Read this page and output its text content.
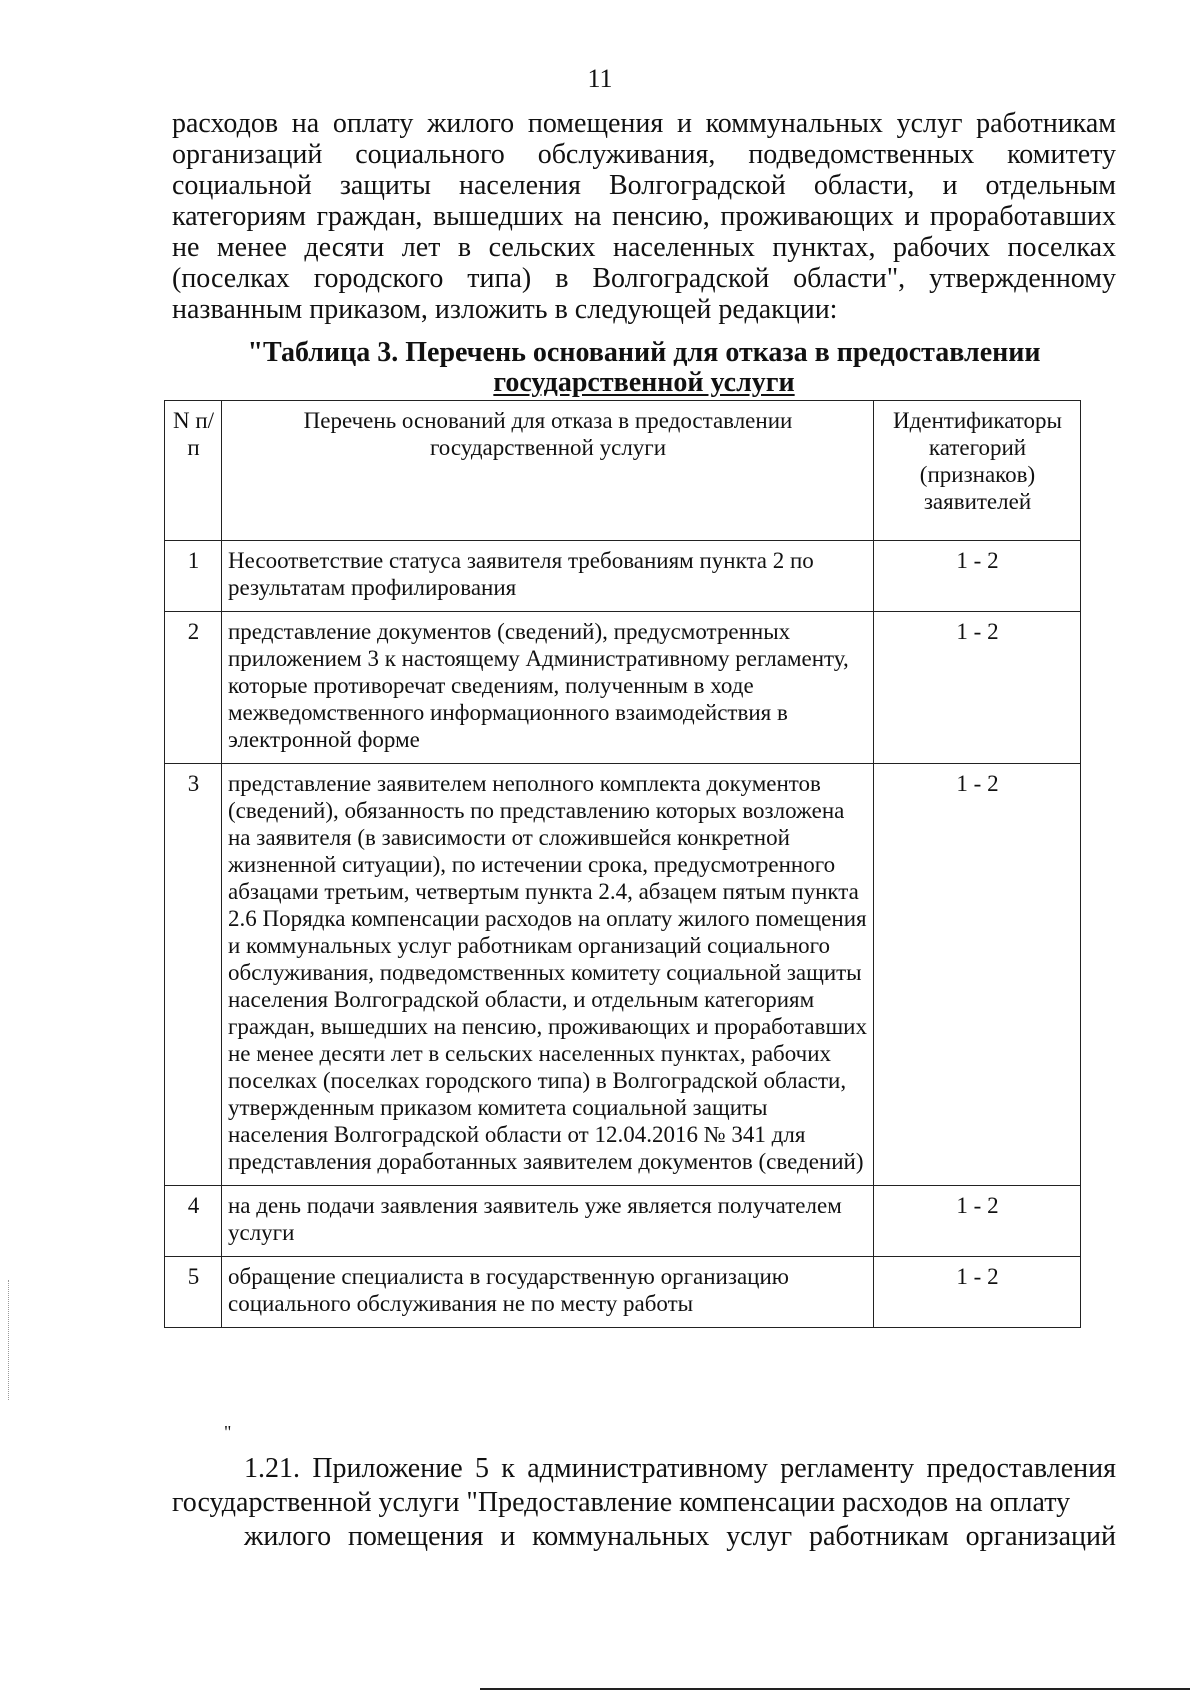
11

расходов на оплату жилого помещения и коммунальных услуг работникам организаций социального обслуживания, подведомственных комитету социальной защиты населения Волгоградской области, и отдельным категориям граждан, вышедших на пенсию, проживающих и проработавших не менее десяти лет в сельских населенных пунктах, рабочих поселках (поселках городского типа) в Волгоградской области", утвержденному названным приказом, изложить в следующей редакции:

"Таблица 3. Перечень оснований для отказа в предоставлении
государственной услуги
N п/п	Перечень оснований для отказа в предоставлении государственной услуги	Идентификаторы категорий (признаков) заявителей
1	Несоответствие статуса заявителя требованиям пункта 2 по результатам профилирования	1 - 2
2	представление документов (сведений), предусмотренных приложением 3 к настоящему Административному регламенту, которые противоречат сведениям, полученным в ходе межведомственного информационного взаимодействия в электронной форме	1 - 2
3	представление заявителем неполного комплекта документов (сведений), обязанность по представлению которых возложена на заявителя (в зависимости от сложившейся конкретной жизненной ситуации), по истечении срока, предусмотренного абзацами третьим, четвертым пункта 2.4, абзацем пятым пункта 2.6 Порядка компенсации расходов на оплату жилого помещения и коммунальных услуг работникам организаций социального обслуживания, подведомственных комитету социальной защиты населения Волгоградской области, и отдельным категориям граждан, вышедших на пенсию, проживающих и проработавших не менее десяти лет в сельских населенных пунктах, рабочих поселках (поселках городского типа) в Волгоградской области, утвержденным приказом комитета социальной защиты населения Волгоградской области от 12.04.2016 № 341 для представления доработанных заявителем документов (сведений)	1 - 2
4	на день подачи заявления заявитель уже является получателем услуги	1 - 2
5	обращение специалиста в государственную организацию социального обслуживания не по месту работы	1 - 2
"

1.21. Приложение 5 к административному регламенту предоставления государственной услуги "Предоставление компенсации расходов на оплату
жилого помещения и коммунальных услуг работникам организаций
